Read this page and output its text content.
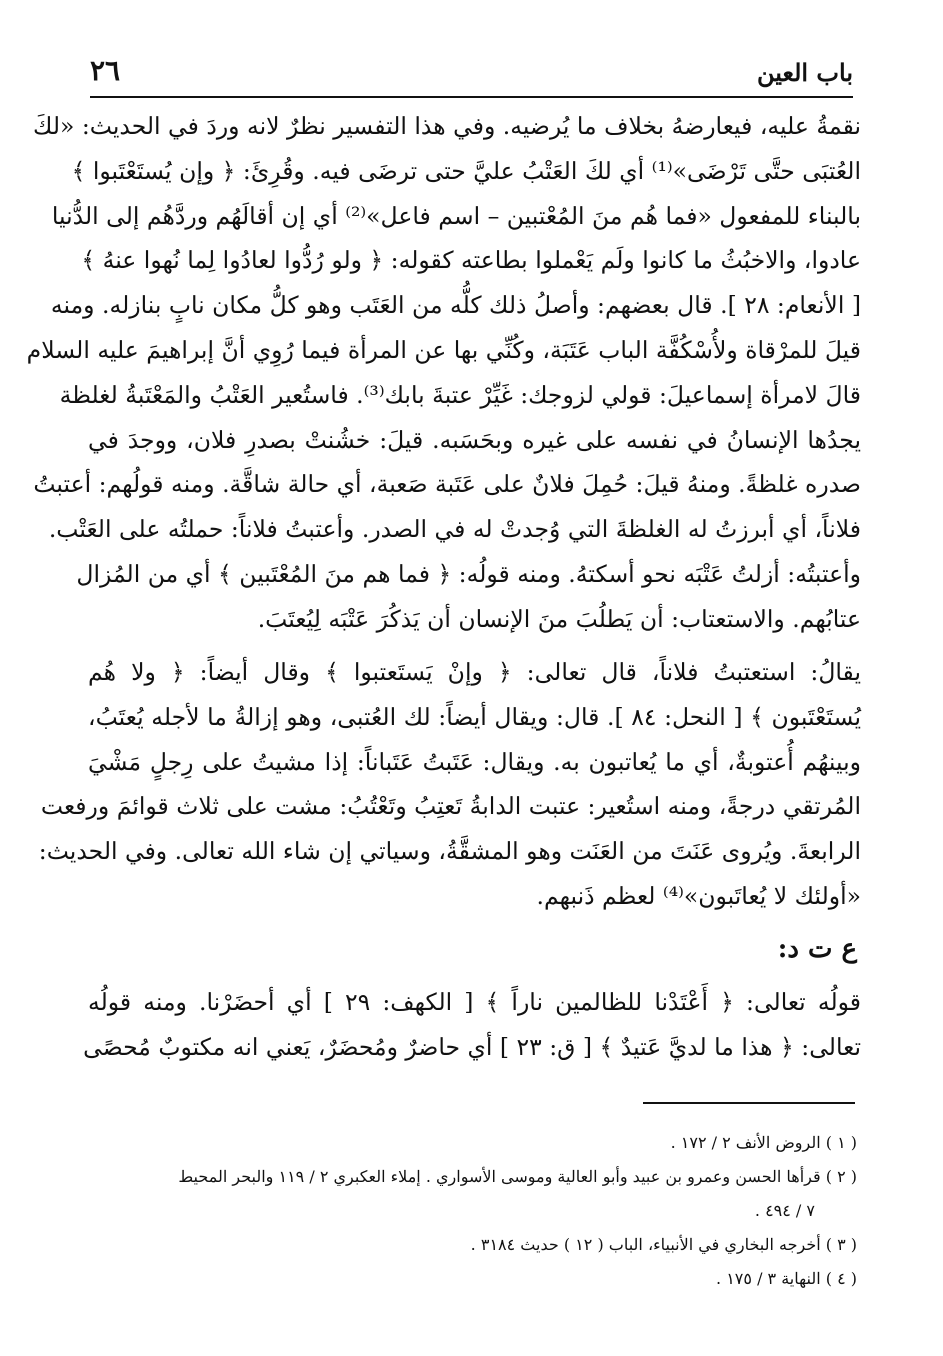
باب العين
٢٦
نقمةُ عليه، فيعارضهُ بخلاف ما يُرضيه. وفي هذا التفسير نظرٌ لانه وردَ في الحديث: «لكَ
العُتبَى حتَّى تَرْضَى»⁽¹⁾ أي لكَ العَتْبُ عليَّ حتى ترضَى فيه. وقُرِئَ: ﴿ وإن يُستَعْتَبوا ﴾
بالبناء للمفعول «فما هُم منَ المُعْتبين – اسم فاعل»⁽²⁾ أي إن أقالَهُم وردَّهُم إلى الدُّنيا
عادوا، والاخبُثُ ما كانوا ولَم يَعْملوا بطاعته كقوله: ﴿ ولو رُدُّوا لعادُوا لِما نُهوا عنهُ ﴾
[ الأنعام: ٢٨ ]. قال بعضهم: وأصلُ ذلك كلُّه من العَتَب وهو كلُّ مكان نابٍ بنازله. ومنه
قيلَ للمرْقاة ولأُسْكُفَّة الباب عَتَبَة، وكُنِّي بها عن المرأة فيما رُوِي أنَّ إبراهيمَ عليه السلام
قالَ لامرأة إسماعيلَ: قولي لزوجك: غَيِّرْ عتبةَ بابك⁽³⁾. فاستُعير العَتْبُ والمَعْتَبةُ لغلظة
يجدُها الإنسانُ في نفسه على غيره وبحَسَبه. قيلَ: خشُنتْ بصدرِ فلان، ووجدَ في
صدره غلظةً. ومنهُ قيلَ: حُمِلَ فلانٌ على عَتَبة صَعبة، أي حالة شاقَّة. ومنه قولُهم: أعتبتُ
فلاناً، أي أبرزتُ له الغلظةَ التي وُجدتْ له في الصدر. وأعتبتُ فلاناً: حملتُه على العَتْب.
وأعتبتُه: أزلتُ عَتْبَه نحو أسكتهُ. ومنه قولُه: ﴿ فما هم منَ المُعْتَبين ﴾ أي من المُزال
عتابُهم. والاستعتاب: أن يَطلُبَ منَ الإنسان أن يَذكُرَ عَتْبَه لِيُعتَبَ.
يقالُ: استعتبتُ فلاناً، قال تعالى: ﴿ وإنْ يَستَعتبوا ﴾ وقال أيضاً: ﴿ ولا هُم
يُستَعْتَبون ﴾ [ النحل: ٨٤ ]. قال: ويقال أيضاً: لك العُتبى، وهو إزالةُ ما لأجله يُعتَبُ،
وبينهُم أُعتوبةٌ، أي ما يُعاتبون به. ويقال: عَتَبتُ عَتَباناً: إذا مشيتُ على رِجلٍ مَشْيَ
المُرتقي درجةً، ومنه استُعير: عتبت الدابةُ تَعتِبُ وتَعْتُبُ: مشت على ثلاث قوائمَ ورفعت
الرابعةَ. ويُروى عَنَتَ من العَنَت وهو المشقَّةُ، وسياتي إن شاء الله تعالى. وفي الحديث:
«أولئك لا يُعاتَبون»⁽⁴⁾ لعظم ذَنبهم.
ع ت د:
قولُه تعالى: ﴿ أَعْتَدْنا للظالمين ناراً ﴾ [ الكهف: ٢٩ ] أي أحضَرْنا. ومنه قولُه
تعالى: ﴿ هذا ما لديَّ عَتيدٌ ﴾ [ ق: ٢٣ ] أي حاضرٌ ومُحضَرٌ، يَعني انه مكتوبٌ مُحصًى
( ١ ) الروض الأنف ٢ / ١٧٢ .
( ٢ ) قرأها الحسن وعمرو بن عبيد وأبو العالية وموسى الأسواري . إملاء العكبري ٢ / ١١٩ والبحر المحيط
٧ / ٤٩٤ .
( ٣ ) أخرجه البخاري في الأنبياء، الباب ( ١٢ ) حديث ٣١٨٤ .
( ٤ ) النهاية ٣ / ١٧٥ .
